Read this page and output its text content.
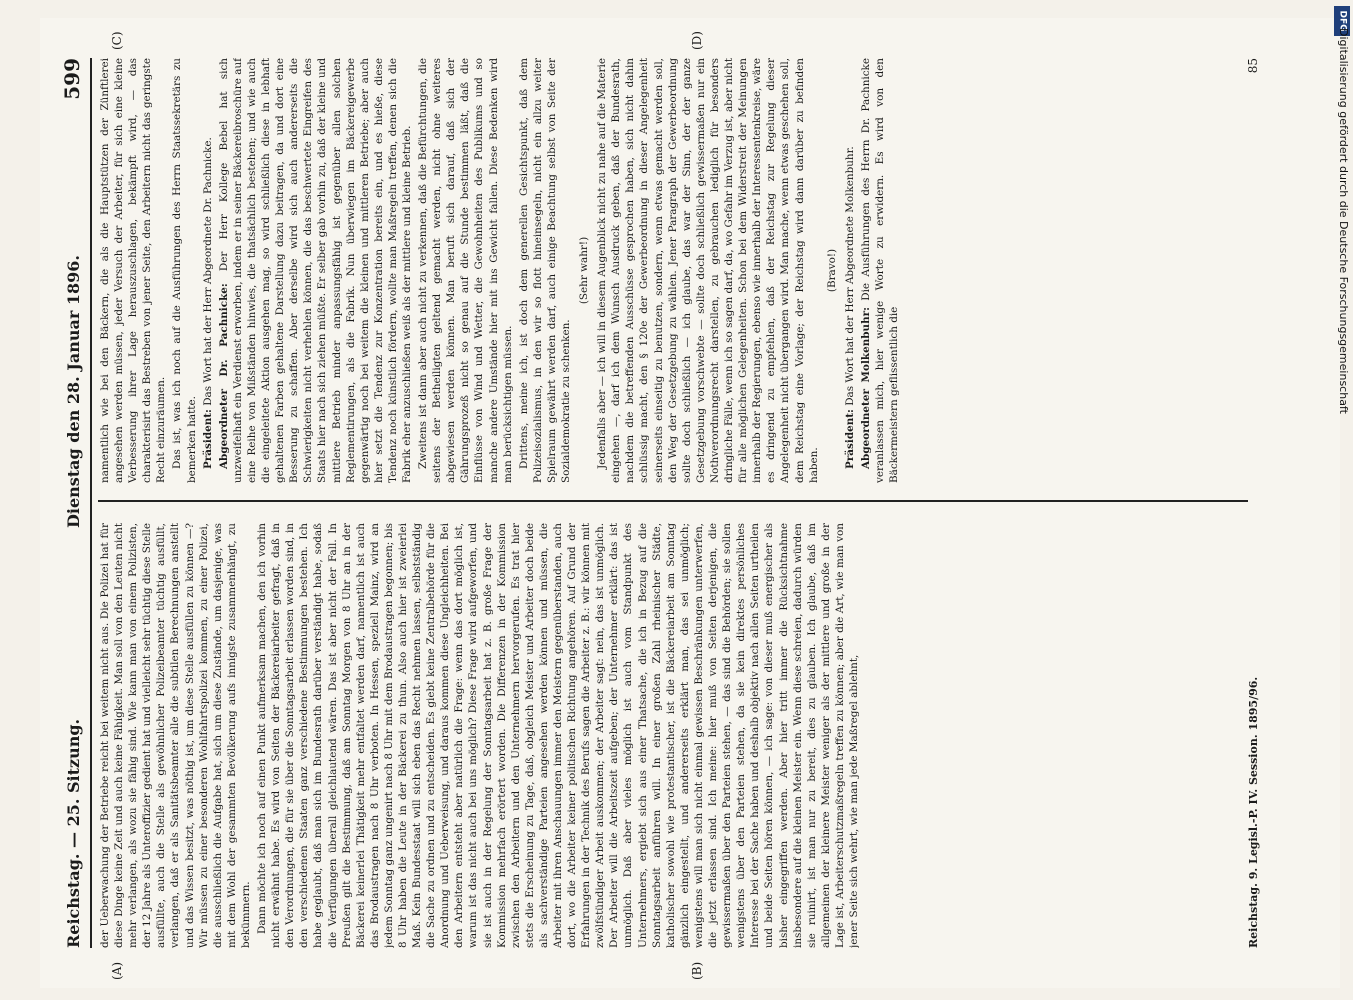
Reichstag. — 25. Sitzung.
Dienstag den 28. Januar 1896.
599
(A)	(B)
(C)	(D)

der Ueberwachung der Betriebe reicht bei weitem nicht aus. Die Polizei hat für diese Dinge keine Zeit und auch keine Fähigkeit. Man soll von den Leuten nicht mehr verlangen, als wozu sie fähig sind. Wie kann man von einem Polizisten, der 12 Jahre als Unteroffizier gedient hat und vielleicht sehr tüchtig diese Stelle ausfüllte, auch die Stelle als gewöhnlicher Polizeibeamter tüchtig ausfüllt, verlangen, daß er als Sanitätsbeamter alle die subtilen Berechnungen anstellt und das Wissen besitzt, was nöthig ist, um diese Stelle ausfüllen zu können —? Wir müssen zu einer besonderen Wohlfahrtspolizei kommen, zu einer Polizei, die ausschließlich die Aufgabe hat, sich um diese Zustände, um dasjenige, was mit dem Wohl der gesammten Bevölkerung aufs innigste zusammenhängt, zu bekümmern. Dann möchte ich noch auf einen Punkt aufmerksam machen, den ich vorhin nicht erwähnt habe. Es wird von Seiten der Bäckereiarbeiter gefragt, daß in den Verordnungen, die für sie über die Sonntagsarbeit erlassen worden sind, in den verschiedenen Staaten ganz verschiedene Bestimmungen bestehen. Ich habe geglaubt, daß man sich im Bundesrath darüber verständigt habe, sodaß die Verfügungen überall gleichlautend wären. Das ist aber nicht der Fall. In Preußen gilt die Bestimmung, daß am Sonntag Morgen von 8 Uhr an in der Bäckerei keinerlei Thätigkeit mehr entfaltet werden darf, namentlich ist auch das Brodaustragen nach 8 Uhr verboten. In Hessen, speziell Mainz, wird an jedem Sonntag ganz ungenirt nach 8 Uhr mit dem Brodaustragen begonnen; bis 8 Uhr haben die Leute in der Bäckerei zu thun. Also auch hier ist zweierlei Maß. Kein Bundesstaat will sich eben das Recht nehmen lassen, selbstständig die Sache zu ordnen und zu entscheiden. Es giebt keine Zentralbehörde für die Anordnung und Ueberweisung, und daraus kommen diese Ungleichheiten. Bei den Arbeitern entsteht aber natürlich die Frage: wenn das dort möglich ist, warum ist das nicht auch bei uns möglich? Diese Frage wird aufgeworfen, und sie ist auch in der Regelung der Sonntagsarbeit hat z. B. große Frage der Kommission mehrfach erörtert worden. Die Differenzen in der Kommission zwischen den Arbeitern und den Unternehmern hervorgerufen. Es trat hier stets die Erscheinung zu Tage, daß, obgleich Meister und Arbeiter doch beide als sachverständige Parteien angesehen werden können und müssen, die Arbeiter mit ihren Anschauungen immer den Meistern gegenüberstanden, auch dort, wo die Arbeiter keiner politischen Richtung angehören. Auf Grund der Erfahrungen in der Technik des Berufs sagen die Arbeiter z. B.: wir können mit zwölfstündiger Arbeit auskommen; der Arbeiter sagt: nein, das ist unmöglich. Der Arbeiter will die Arbeitszeit aufgeben; der Unternehmer erklärt: das ist unmöglich. Daß aber vieles möglich ist auch vom Standpunkt des Unternehmers, ergiebt sich aus einer Thatsache, die ich in Bezug auf die Sonntagsarbeit anführen will. In einer großen Zahl rheinischer Städte, katholischer sowohl wie protestantischer, ist die Bäckereiarbeit am Sonntag gänzlich eingestellt, und andererseits erklärt man, das sei unmöglich; wenigstens will man sich nicht einmal gewissen Beschränkungen unterwerfen, die jetzt erlassen sind. Ich meine: hier muß von Seiten derjenigen, die gewissermaßen über den Parteien stehen, — das sind die Behörden; sie sollen wenigstens über den Parteien stehen, da sie kein direktes persönliches Interesse bei der Sache haben und deshalb objektiv nach allen Seiten urtheilen und beide Seiten hören können, — ich sage: von dieser muß energischer als bisher eingegriffen werden. Aber hier tritt immer die Rücksichtnahme insbesondere auf die kleinen Meister ein. Wenn diese schreien, dadurch würden sie ruinirt, ist man nur zu bereit, dies zu glauben. Ich glaube, daß im allgemeinen der kleinere Meister weniger als der mittlere und große in der Lage ist, Arbeiterschutzmaßregeln treffen zu können; aber die Art, wie man von jener Seite sich wehrt, wie man jede Maßregel ablehnt,

namentlich wie bei den Bäckern, die als die Hauptstützen der Zünftlerei angesehen werden müssen, jeder Versuch der Arbeiter, für sich eine kleine Verbesserung ihrer Lage herauszuschlagen, bekämpft wird, — das charakterisirt das Bestreben von jener Seite, den Arbeitern nicht das geringste Recht einzuräumen. Das ist, was ich noch auf die Ausführungen des Herrn Staatssekretärs zu bemerken hatte. Präsident: Das Wort hat der Herr Abgeordnete Dr. Pachnicke. Abgeordneter Dr. Pachnicke: Der Herr Kollege Bebel hat sich unzweifelhaft ein Verdienst erworben, indem er in seiner Bäckereibroschüre auf eine Reihe von Mißständen hinwies, die thatsächlich bestehen; und wie auch die eingeleitete Aktion ausgehen mag, so wird schließlich diese in lebhaft gehaltenen Farben gehaltene Darstellung dazu beitragen, da und dort eine Besserung zu schaffen. Aber derselbe wird sich auch andererseits die Schwierigkeiten nicht verhehlen können, die das beschwertete Eingreifen des Staats hier nach sich ziehen müßte. Er selber gab vorhin zu, daß der kleine und mittlere Betrieb minder anpassungsfähig ist gegenüber allen solchen Reglementirungen, als die Fabrik. Nun überwiegen im Bäckereigewerbe gegenwärtig noch bei weitem die kleinen und mittleren Betriebe; aber auch hier setzt die Tendenz zur Konzentration bereits ein, und es hieße, diese Tendenz noch künstlich fördern, wollte man Maßregeln treffen, denen sich die Fabrik eher anzuschließen weiß als der mittlere und kleine Betrieb. Zweitens ist dann aber auch nicht zu verkennen, daß die Befürchtungen, die seitens der Betheiligten geltend gemacht werden, nicht ohne weiteres abgewiesen werden können. Man beruft sich darauf, daß sich der Gährungsprozeß nicht so genau auf die Stunde bestimmen läßt, daß die Einflüsse von Wind und Wetter, die Gewohnheiten des Publikums und so manche andere Umstände hier mit ins Gewicht fallen. Diese Bedenken wird man berücksichtigen müssen. Drittens, meine ich, ist doch dem generellen Gesichtspunkt, daß dem Polizeisozialismus, in den wir so flott hineinsegeln, nicht ein allzu weiter Spielraum gewährt werden darf, auch einige Beachtung selbst von Seite der Sozialdemokratie zu schenken.

(Sehr wahr!) Jedenfalls aber — ich will in diesem Augenblick nicht zu nahe auf die Materie eingehen —, darf ich dem Wunsch Ausdruck geben, daß der Bundesrath, nachdem die betreffenden Ausschüsse gesprochen haben, sich nicht dahin schlüssig macht, den § 120e der Gewerbeordnung in dieser Angelegenheit seinerseits einseitig zu benutzen, sondern, wenn etwas gemacht werden soll, den Weg der Gesetzgebung zu wählen. Jener Paragraph der Gewerbeordnung sollte doch schließlich — ich glaube, das war der Sinn, der der ganze Gesetzgebung vorschwebte — sollte doch schließlich gewissermaßen nur ein Nothverordnungsrecht darstellen, zu gebrauchen lediglich für besonders dringliche Fälle, wenn ich so sagen darf, da, wo Gefahr im Verzug ist, aber nicht für alle möglichen Gelegenheiten. Schon bei dem Widerstreit der Meinungen innerhalb der Regierungen, ebenso wie innerhalb der Interessentenkreise, wäre es dringend zu empfehlen, daß der Reichstag zur Regelung dieser Angelegenheit nicht übergangen wird. Man mache, wenn etwas geschehen soll, dem Reichstag eine Vorlage; der Reichstag wird dann darüber zu befinden haben.

(Bravo!)

Präsident: Das Wort hat der Herr Abgeordnete Molkenbuhr. Abgeordneter Molkenbuhr: Die Ausführungen des Herrn Dr. Pachnicke veranlassen mich, hier wenige Worte zu erwidern. Es wird von den Bäckermeistern geflissentlich die

Reichstag. 9. Legisl.-P. IV. Session. 1895/96.
85
DFG
Digitalisierung gefördert durch die Deutsche Forschungsgemeinschaft
